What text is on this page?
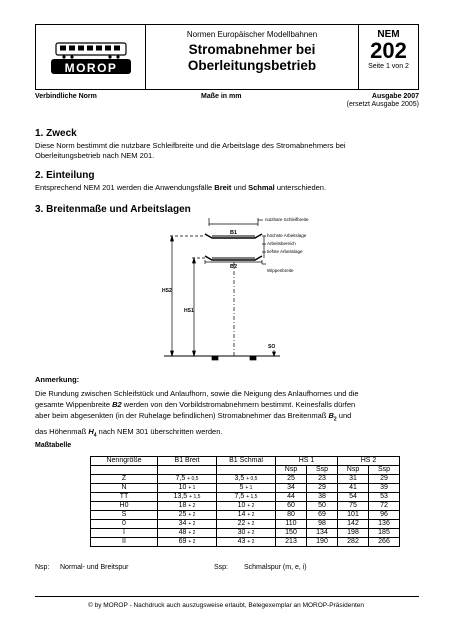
MOROP
Normen Europäischer Modellbahnen
Stromabnehmer bei
Oberleitungsbetrieb
NEM
202
Seite 1 von 2
Verbindliche Norm	Maße in mm	Ausgabe 2007
(ersetzt Ausgabe 2005)
1. Zweck
Diese Norm bestimmt die nutzbare Schleifbreite und die Arbeitslage des Stromabnehmers bei
Oberleitungsbetrieb nach NEM 201.
2. Einteilung
Entsprechend NEM 201 werden die Anwendungsfälle Breit und Schmal unterschieden.
3. Breitenmaße und Arbeitslagen
B1
B2
nutzbare Schleifbreite
höchste Arbeitslage
Arbeitsbereich
tiefste Arbeitslage
Wippenbreite
HS2
HS1
SO
Anmerkung:
Die Rundung zwischen Schleifstück und Anlaufhorn, sowie die Neigung des Anlaufhornes und die
gesamte Wippenbreite B2 werden von den Vorbildstromabnehmern bestimmt. Keinesfalls dürfen
aber beim abgesenkten (in der Ruhelage befindlichen) Stromabnehmer das Breitenmaß $B_2$ und
das Höhenmaß $H_4$ nach NEM 301 überschritten werden.
Maßtabelle
Nenngröße	B1 Breit	B1 Schmal	HS 1		HS 2	
			Nsp	Ssp	Nsp	Ssp
Z	7,5 + 0,5	3,5 + 0,5	25	23	31	29
N	10 + 1	5 + 1	34	29	41	39
TT	13,5 + 1,5	7,5 + 1,5	44	38	54	53
H0	18 + 2	10 + 2	60	50	75	72
S	25 + 2	14 + 2	80	69	101	96
0	34 + 2	22 + 2	110	98	142	136
I	48 + 2	30 + 2	150	134	198	185
II	69 + 2	43 + 2	213	190	282	266
Nsp: Normal- und Breitspur	Ssp: Schmalspur (m, e, i)
© by MOROP - Nachdruck auch auszugsweise erlaubt, Belegexemplar an MOROP-Präsidenten
